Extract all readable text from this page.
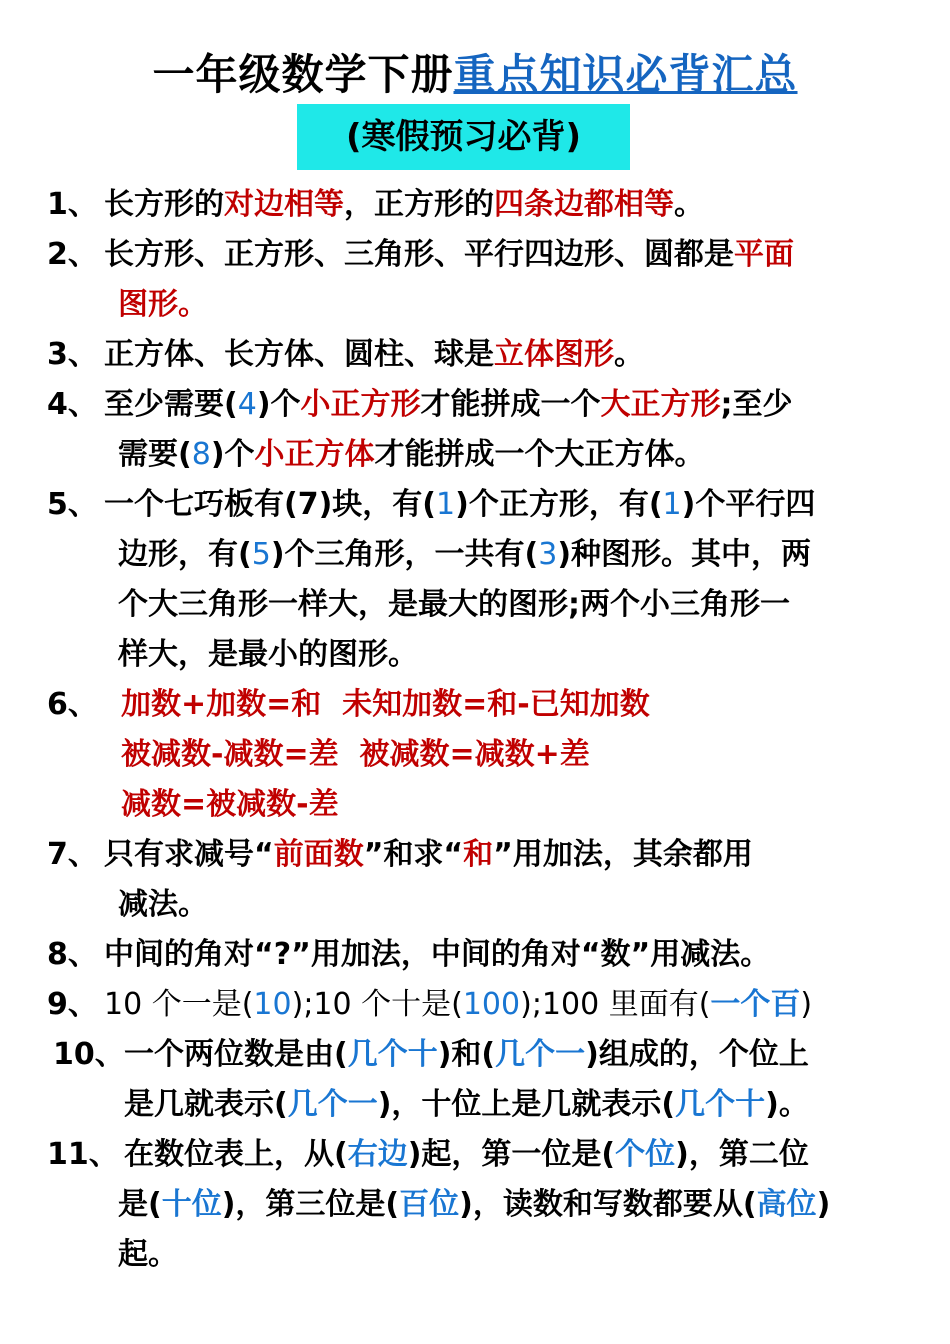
一年级数学下册重点知识必背汇总
(寒假预习必背)
1、 长方形的对边相等，正方形的四条边都相等。
2、 长方形、正方形、三角形、平行四边形、圆都是平面
图形。
3、 正方体、长方体、圆柱、球是立体图形。
4、 至少需要(4)个小正方形才能拼成一个大正方形;至少
需要(8)个小正方体才能拼成一个大正方体。
5、 一个七巧板有(7)块，有(1)个正方形，有(1)个平行四
边形，有(5)个三角形，一共有(3)种图形。其中，两
个大三角形一样大，是最大的图形;两个小三角形一
样大，是最小的图形。
6、 加数+加数=和  未知加数=和-已知加数
被减数-减数=差  被减数=减数+差
减数=被减数-差
7、 只有求减号“前面数”和求“和”用加法，其余都用
减法。
8、 中间的角对“?”用加法，中间的角对“数”用减法。
9、 10 个一是(10);10 个十是(100);100 里面有(一个百)
10、 一个两位数是由(几个十)和(几个一)组成的，个位上
是几就表示(几个一)，十位上是几就表示(几个十)。
11、 在数位表上，从(右边)起，第一位是(个位)，第二位
是(十位)，第三位是(百位)，读数和写数都要从(高位)
起。
